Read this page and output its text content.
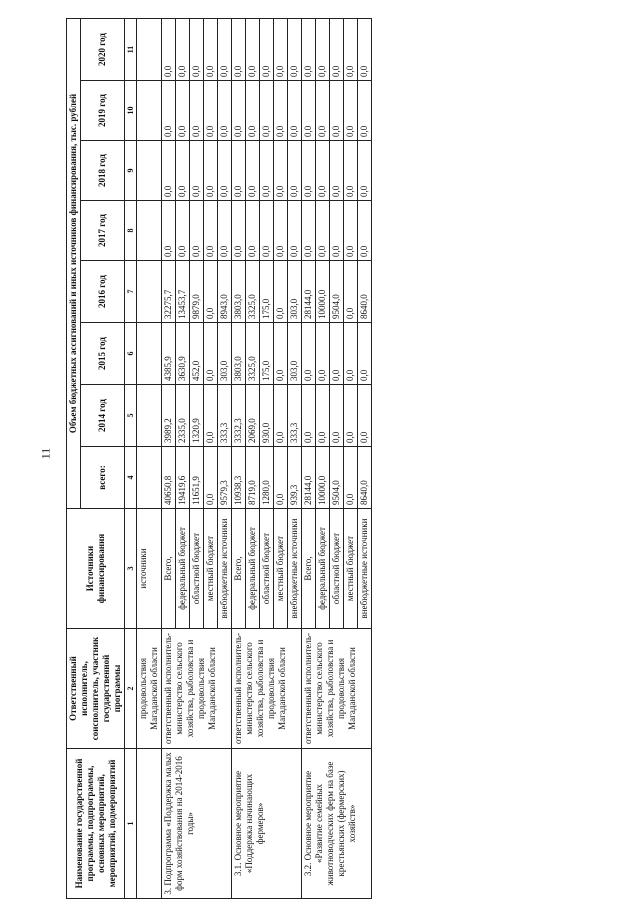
11
Наименование государственной программы, подпрограммы, основных мероприятий, мероприятий, подмероприятий	Ответственный исполнитель, соисполнитель, участник государственной программы	Источники финансирования	Объем бюджетных ассигнований и иных источников финансирования, тыс. рублей							
			всего:	2014 год	2015 год	2016 год	2017 год	2018 год	2019 год	2020 год

1	2	3	4	5	6	7	8	9	10	11
	продовольствия Магаданской области	источники								
3. Подпрограмма «Поддержка малых форм хозяйствования на 2014-2016 годы»	ответственный исполнитель- министерство сельского хозяйства, рыболовства и продовольствия Магаданской области	Всего,	40650,8	3989,2	4385,9	32275,7	0,0	0,0	0,0	0,0
		федеральный бюджет	19419,6	2335,0	3630,9	13453,7	0,0	0,0	0,0	0,0
		областной бюджет	11651,9	1320,9	452,0	9879,0	0,0	0,0	0,0	0,0
		местный бюджет	0,0	0,0	0,0	0,0	0,0	0,0	0,0	0,0
		внебюджетные источники	9579,3	333,3	303,0	8943,0	0,0	0,0	0,0	0,0
3.1. Основное мероприятие «Поддержка начинающих фермеров»	ответственный исполнитель- министерство сельского хозяйства, рыболовства и продовольствия Магаданской области	Всего,	10938,3	3332,3	3803,0	3803,0	0,0	0,0	0,0	0,0
		федеральный бюджет	8719,0	2069,0	3325,0	3325,0	0,0	0,0	0,0	0,0
		областной бюджет	1280,0	930,0	175,0	175,0	0,0	0,0	0,0	0,0
		местный бюджет	0,0	0,0	0,0	0,0	0,0	0,0	0,0	0,0
		внебюджетные источники	939,3	333,3	303,0	303,0	0,0	0,0	0,0	0,0
3.2. Основное мероприятие «Развитие семейных животноводческих ферм на базе крестьянских (фермерских) хозяйств»	ответственный исполнитель- министерство сельского хозяйства, рыболовства и продовольствия Магаданской области	Всего,	28144,0	0,0	0,0	28144,0	0,0	0,0	0,0	0,0
		федеральный бюджет	10000,0	0,0	0,0	10000,0	0,0	0,0	0,0	0,0
		областной бюджет	9504,0	0,0	0,0	9504,0	0,0	0,0	0,0	0,0
		местный бюджет	0,0	0,0	0,0	0,0	0,0	0,0	0,0	0,0
		внебюджетные источники	8640,0	0,0	0,0	8640,0	0,0	0,0	0,0	0,0
